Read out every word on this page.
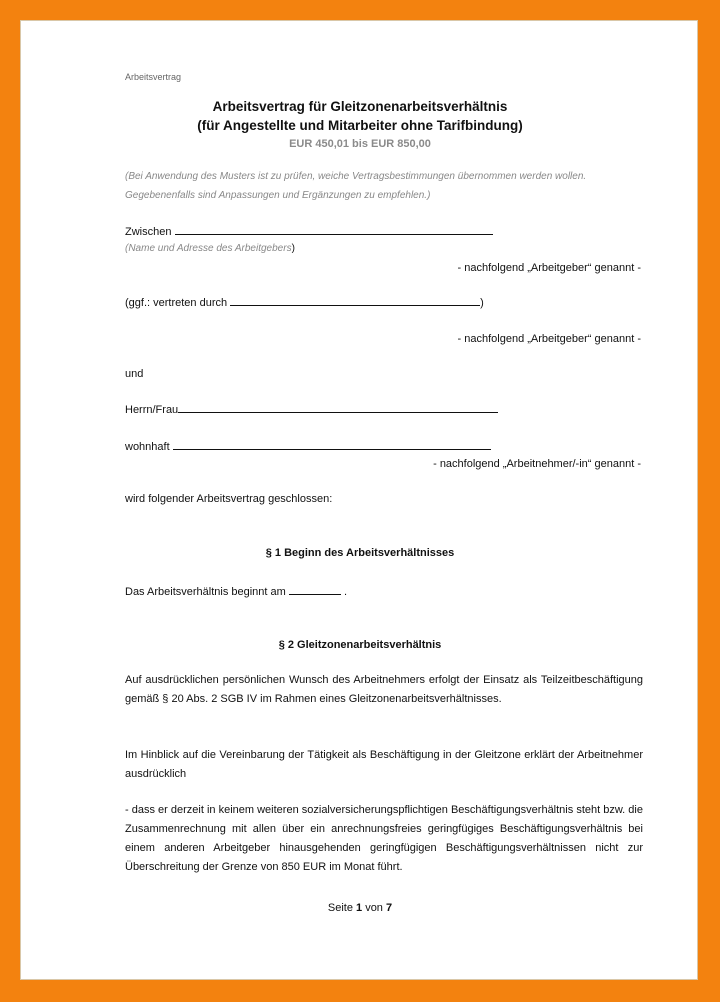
Arbeitsvertrag
Arbeitsvertrag für Gleitzonenarbeitsverhältnis
(für Angestellte und Mitarbeiter ohne Tarifbindung)
EUR 450,01 bis EUR 850,00
(Bei Anwendung des Musters ist zu prüfen, weiche Vertragsbestimmungen übernommen werden wollen. Gegebenenfalls sind Anpassungen und Ergänzungen zu empfehlen.)
Zwischen
(Name und Adresse des Arbeitgebers)
- nachfolgend „Arbeitgeber“ genannt -
(ggf.: vertreten durch	)
- nachfolgend „Arbeitgeber“ genannt -
und
Herrn/Frau
wohnhaft
- nachfolgend „Arbeitnehmer/-in“ genannt -
wird folgender Arbeitsvertrag geschlossen:
§ 1 Beginn des Arbeitsverhältnisses
Das Arbeitsverhältnis beginnt am	.
§ 2 Gleitzonenarbeitsverhältnis
Auf ausdrücklichen persönlichen Wunsch des Arbeitnehmers erfolgt der Einsatz als Teilzeitbeschäftigung gemäß § 20 Abs. 2 SGB IV im Rahmen eines Gleitzonenarbeitsverhältnisses.
Im Hinblick auf die Vereinbarung der Tätigkeit als Beschäftigung in der Gleitzone erklärt der Arbeitnehmer ausdrücklich
- dass er derzeit in keinem weiteren sozialversicherungspflichtigen Beschäftigungsverhältnis steht bzw. die Zusammenrechnung mit allen über ein anrechnungsfreies geringfügiges Beschäftigungsverhältnis bei einem anderen Arbeitgeber hinausgehenden geringfügigen Beschäftigungsverhältnissen nicht zur Überschreitung der Grenze von 850 EUR im Monat führt.
Seite 1 von 7
